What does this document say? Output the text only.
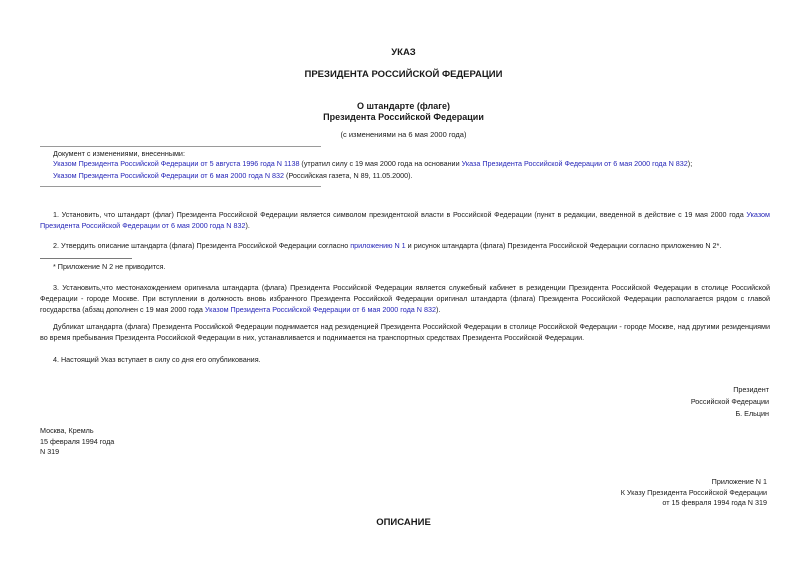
УКАЗ
ПРЕЗИДЕНТА РОССИЙСКОЙ ФЕДЕРАЦИИ
О штандарте (флаге)
Президента Российской Федерации
(с изменениями на 6 мая 2000 года)
Документ с изменениями, внесенными:
Указом Президента Российской Федерации от 5 августа 1996 года N 1138 (утратил силу с 19 мая 2000 года на основании Указа Президента Российской Федерации от 6 мая 2000 года N 832);
Указом Президента Российской Федерации от 6 мая 2000 года N 832 (Российская газета, N 89, 11.05.2000).
1. Установить, что штандарт (флаг) Президента Российской Федерации является символом президентской власти в Российской Федерации (пункт в редакции, введенной в действие с 19 мая 2000 года Указом Президента Российской Федерации от 6 мая 2000 года N 832).
2. Утвердить описание штандарта (флага) Президента Российской Федерации согласно приложению N 1 и рисунок штандарта (флага) Президента Российской Федерации согласно приложению N 2*.
* Приложение N 2 не приводится.
3. Установить,что местонахождением оригинала штандарта (флага) Президента Российской Федерации является служебный кабинет в резиденции Президента Российской Федерации в столице Российской Федерации - городе Москве. При вступлении в должность вновь избранного Президента Российской Федерации оригинал штандарта (флага) Президента Российской Федерации располагается рядом с главой государства (абзац дополнен с 19 мая 2000 года Указом Президента Российской Федерации от 6 мая 2000 года N 832).
Дубликат штандарта (флага) Президента Российской Федерации поднимается над резиденцией Президента Российской Федерации в столице Российской Федерации - городе Москве, над другими резиденциями во время пребывания Президента Российской Федерации в них, устанавливается и поднимается на транспортных средствах Президента Российской Федерации.
4. Настоящий Указ вступает в силу со дня его опубликования.
Президент
Российской Федерации
Б. Ельцин
Москва, Кремль
15 февраля 1994 года
N 319
Приложение N 1
К Указу Президента Российской Федерации
от 15 февраля 1994 года N 319
ОПИСАНИЕ
